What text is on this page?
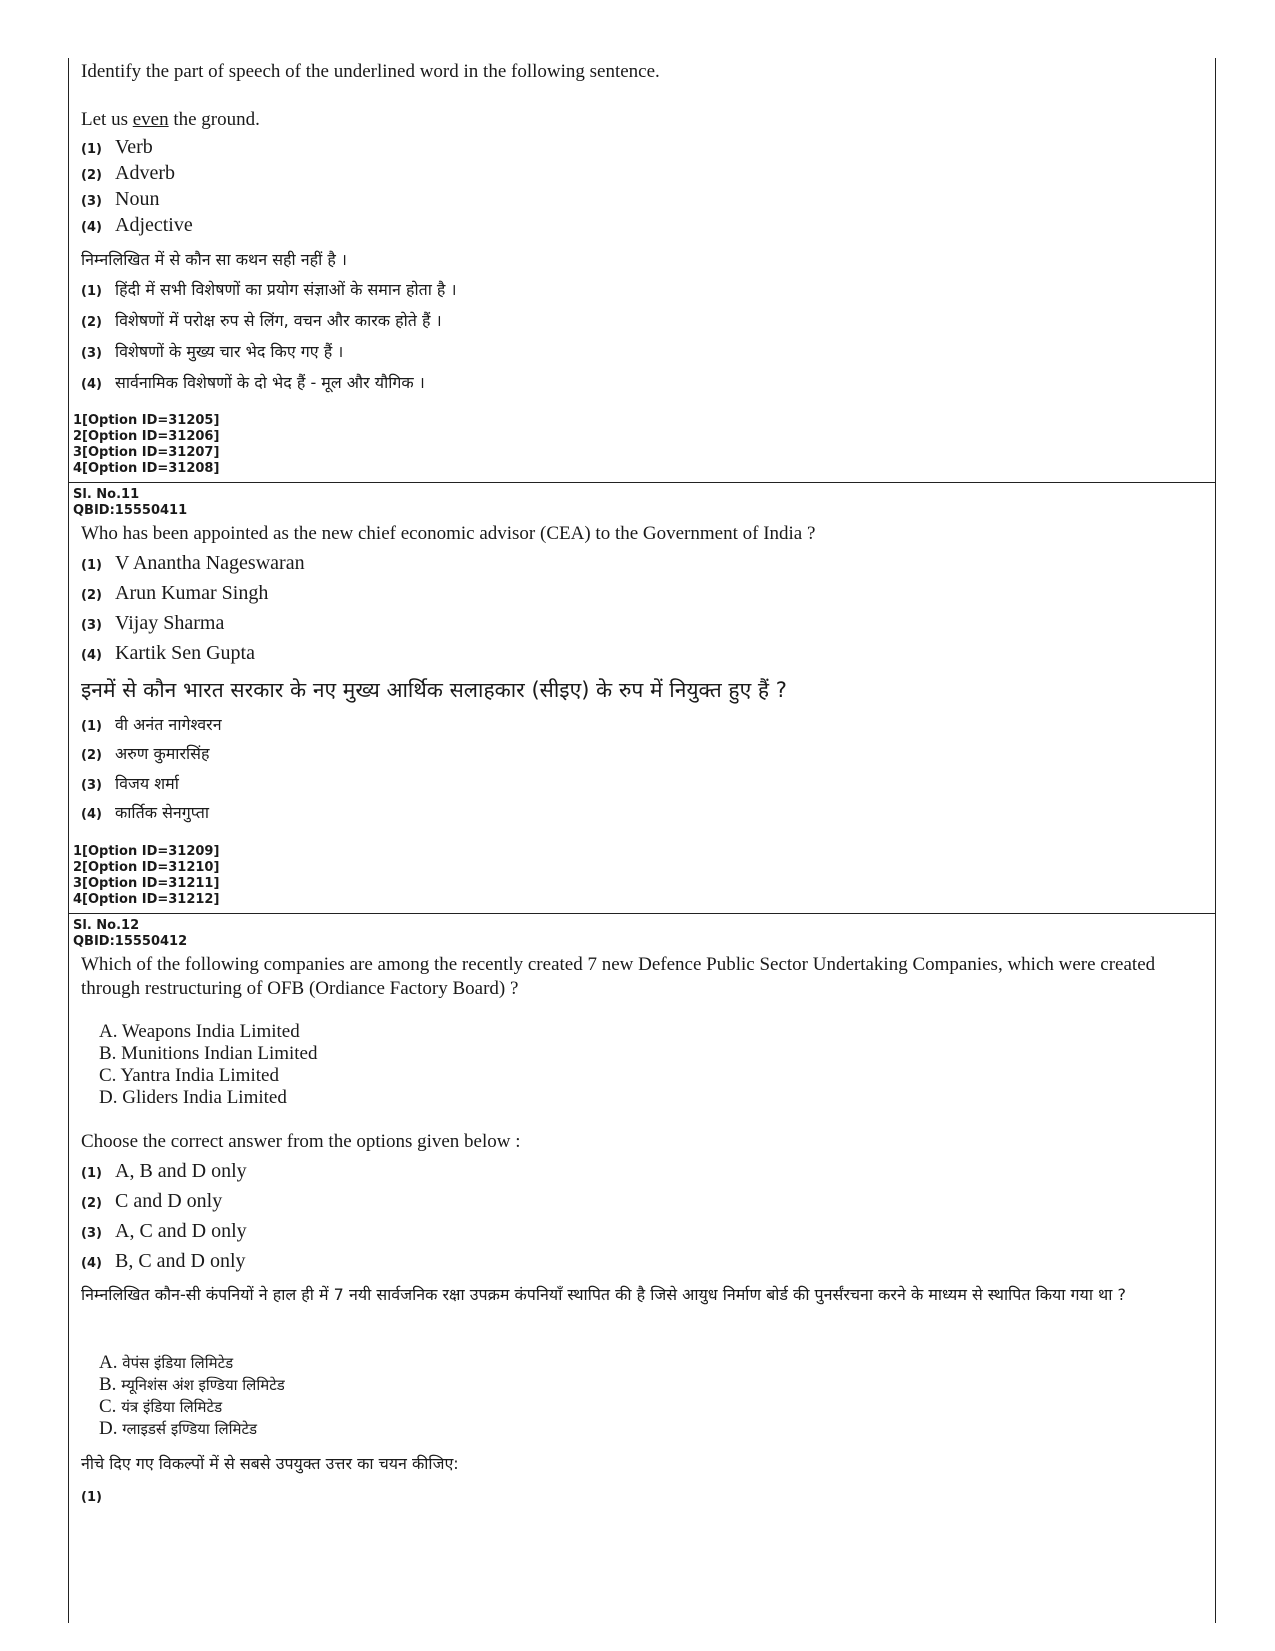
Identify the part of speech of the underlined word in the following sentence.

Let us even the ground.

(1) Verb
(2) Adverb
(3) Noun
(4) Adjective
निम्नलिखित में से कौन सा कथन सही नहीं है ।
(1) हिंदी में सभी विशेषणों का प्रयोग संज्ञाओं के समान होता है ।
(2) विशेषणों में परोक्ष रुप से लिंग, वचन और कारक होते हैं ।
(3) विशेषणों के मुख्य चार भेद किए गए हैं ।
(4) सार्वनामिक विशेषणों के दो भेद हैं - मूल और यौगिक ।
1[Option ID=31205]
2[Option ID=31206]
3[Option ID=31207]
4[Option ID=31208]
Sl. No.11
QBID:15550411

Who has been appointed as the new chief economic advisor (CEA) to the Government of India ?

(1) V Anantha Nageswaran
(2) Arun Kumar Singh
(3) Vijay Sharma
(4) Kartik Sen Gupta
इनमें से कौन भारत सरकार के नए मुख्य आर्थिक सलाहकार (सीइए) के रुप में नियुक्त हुए हैं ?
(1) वी अनंत नागेश्वरन
(2) अरुण कुमारसिंह
(3) विजय शर्मा
(4) कार्तिक सेनगुप्ता
1[Option ID=31209]
2[Option ID=31210]
3[Option ID=31211]
4[Option ID=31212]
Sl. No.12
QBID:15550412

Which of the following companies are among the recently created 7 new Defence Public Sector Undertaking Companies, which were created through restructuring of OFB (Ordiance Factory Board) ?

A. Weapons India Limited
B. Munitions Indian Limited
C. Yantra India Limited
D. Gliders India Limited

Choose the correct answer from the options given below :

(1) A, B and D only
(2) C and D only
(3) A, C and D only
(4) B, C and D only
निम्नलिखित कौन-सी कंपनियों ने हाल ही में 7 नयी सार्वजनिक रक्षा उपक्रम कंपनियाँ स्थापित की है जिसे आयुध निर्माण बोर्ड की पुनर्संरचना करने के माध्यम से स्थापित किया गया था ?
A. वेपंस इंडिया लिमिटेड
B. म्यूनिशंस अंश इण्डिया लिमिटेड
C. यंत्र इंडिया लिमिटेड
D. ग्लाइडर्स इण्डिया लिमिटेड
नीचे दिए गए विकल्पों में से सबसे उपयुक्त उत्तर का चयन कीजिए:
(1)
